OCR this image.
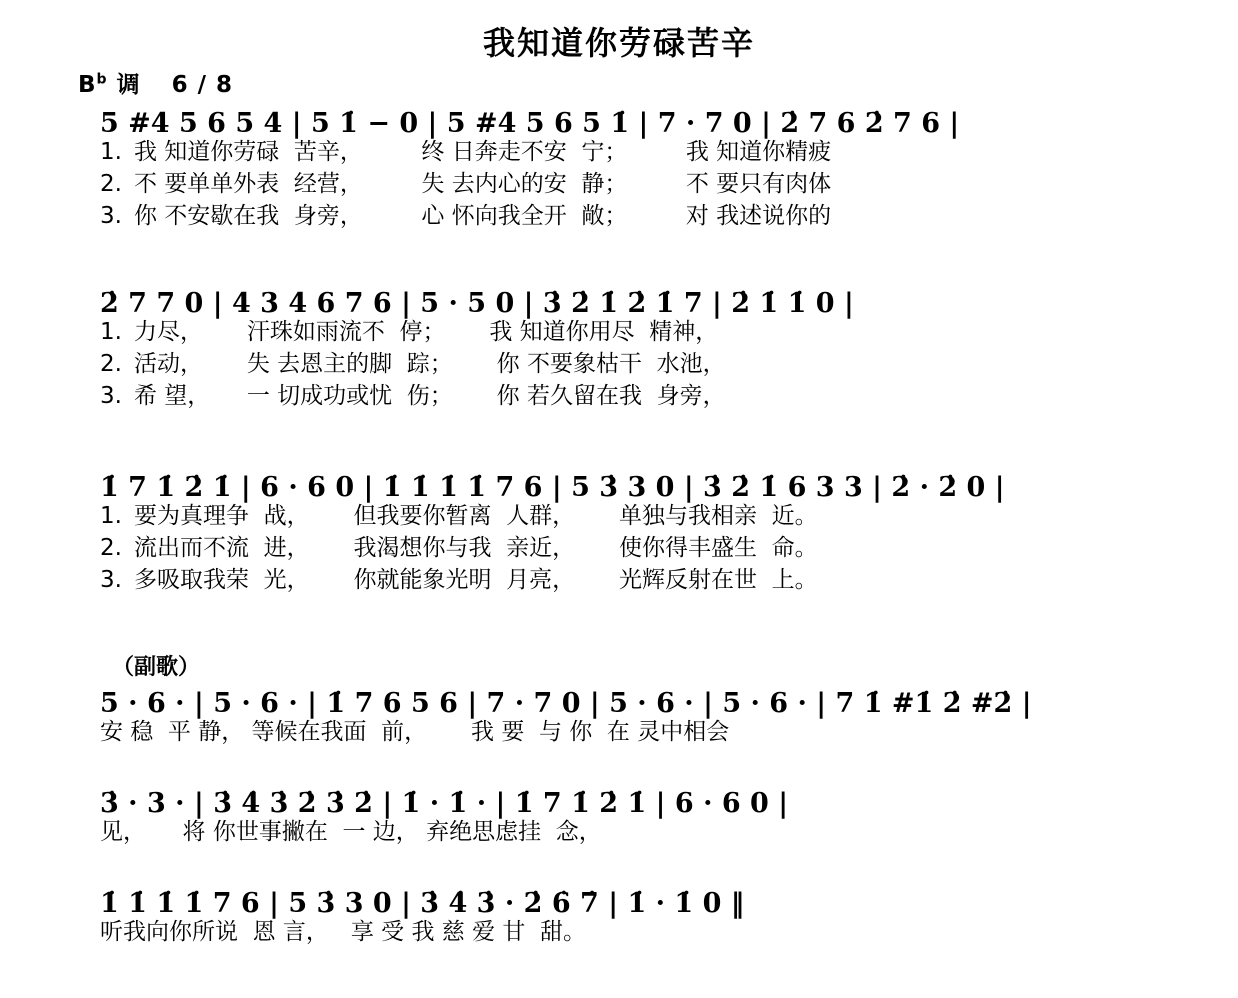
我知道你劳碌苦辛
$B^b$ 调 6 / 8
5 #4 5 6 5 4 | 5 1̇ − 0 | 5 #4 5 6 5 1̇ | 7 · 7 0 | 2̇ 7 6 2̇ 7 6 |
1. 我 知道你劳碌  苦辛，        终 日奔走不安  宁；        我 知道你精疲
2. 不 要单单外表  经营，        失 去内心的安  静；        不 要只有肉体
3. 你 不安歇在我  身旁，        心 怀向我全开  敞；        对 我述说你的
2̇ 7 7 0 | 4 3 4 6 7 6 | 5 · 5 0 | 3̇ 2̇ 1̇ 2̇ 1̇ 7 | 2̇ 1̇ 1̇ 0 |
1. 力尽，      汗珠如雨流不  停；      我 知道你用尽  精神，
2. 活动，      失 去恩主的脚  踪；      你 不要象枯干  水池，
3. 希 望，     一 切成功或忧  伤；      你 若久留在我  身旁，
1̇ 7 1̇ 2̇ 1̇ | 6 · 6 0 | 1̇ 1̇ 1̇ 1̇ 7 6 | 5 3̇ 3 0 | 3̇ 2̇ 1̇ 6 3 3 | 2̇ · 2̇ 0 |
1. 要为真理争  战，      但我要你暂离  人群，      单独与我相亲  近。
2. 流出而不流  进，      我渴想你与我  亲近，      使你得丰盛生  命。
3. 多吸取我荣  光，      你就能象光明  月亮，      光辉反射在世  上。
（副歌）
5 · 6 · | 5 · 6 · | 1̇ 7 6 5 6 | 7 · 7 0 | 5 · 6 · | 5 · 6 · | 7 1̇ #1̇ 2̇ #2̇ |
安 稳  平 静， 等候在我面  前，      我 要  与 你  在 灵中相会
3̇ · 3 · | 3̇ 4̇ 3̇ 2̇ 3̇ 2̇ | 1̇ · 1̇ · | 1̇ 7 1̇ 2̇ 1̇ | 6 · 6 0 |
见，     将 你世事撇在  一 边， 弃绝思虑挂  念，
1̇ 1̇ 1̇ 1̇ 7 6 | 5 3̇ 3 0 | 3̇ 4̇ 3̇ · 2̇ 6̇ 7̇ | 1̇ · 1̇ 0 ‖
听我向你所说  恩 言，   享 受 我 慈 爱 甘  甜。
